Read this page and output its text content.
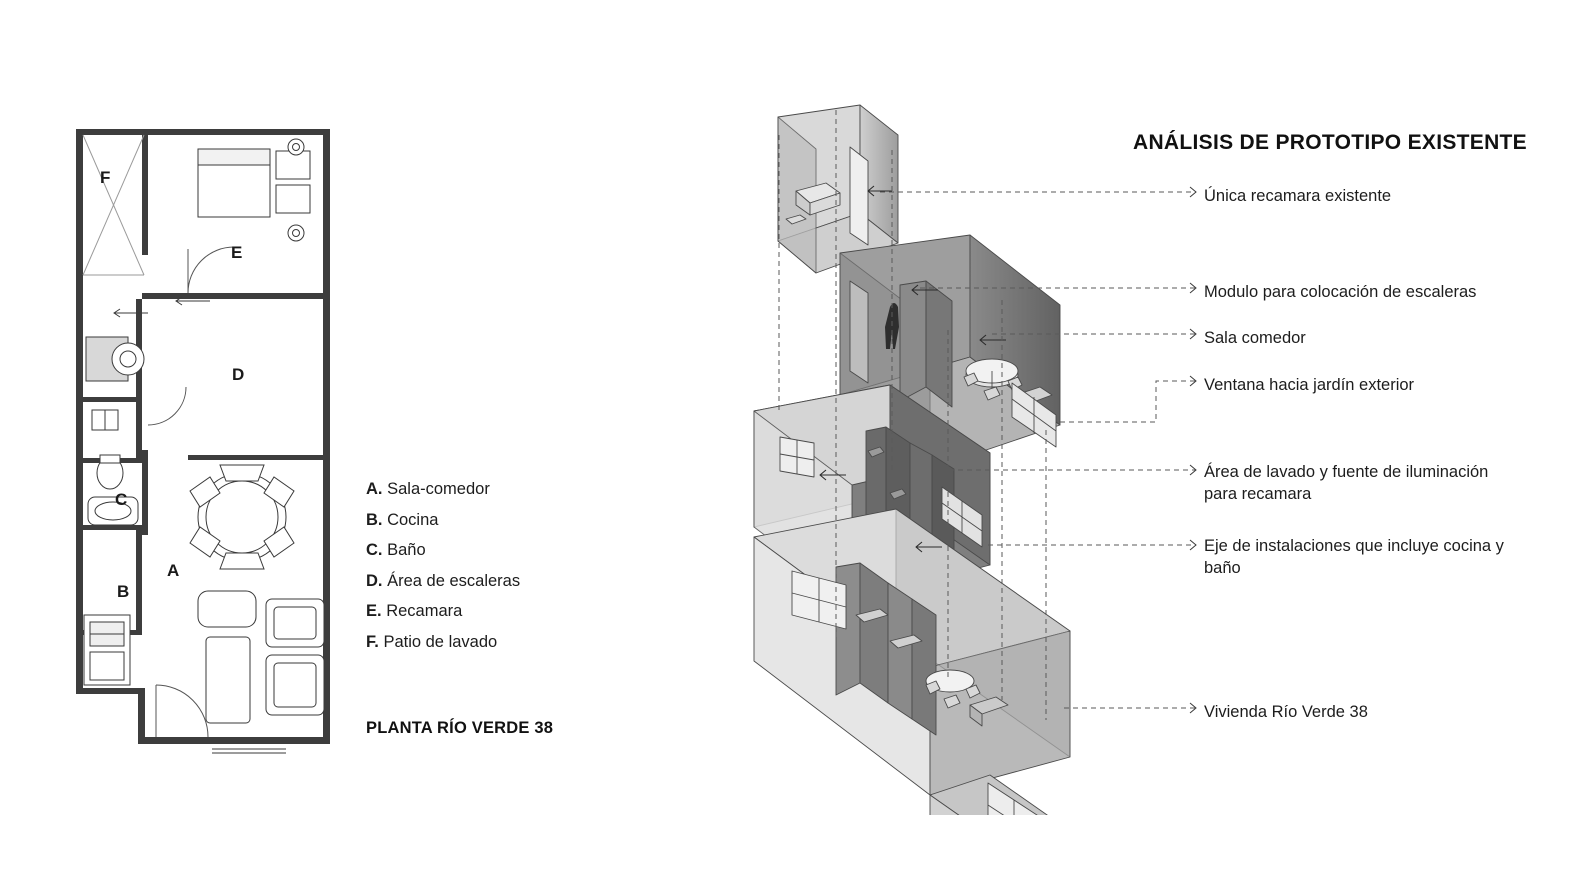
F
E
D
C
A
B
A. Sala-comedor
B. Cocina
C. Baño
D. Área de escaleras
E. Recamara
F. Patio de lavado
PLANTA RÍO VERDE 38
ANÁLISIS DE PROTOTIPO EXISTENTE
Única recamara existente
Modulo para colocación de escaleras
Sala comedor
Ventana hacia jardín exterior
Área de lavado y fuente de iluminación para recamara
Eje de instalaciones que incluye cocina y baño
Vivienda Río Verde 38
